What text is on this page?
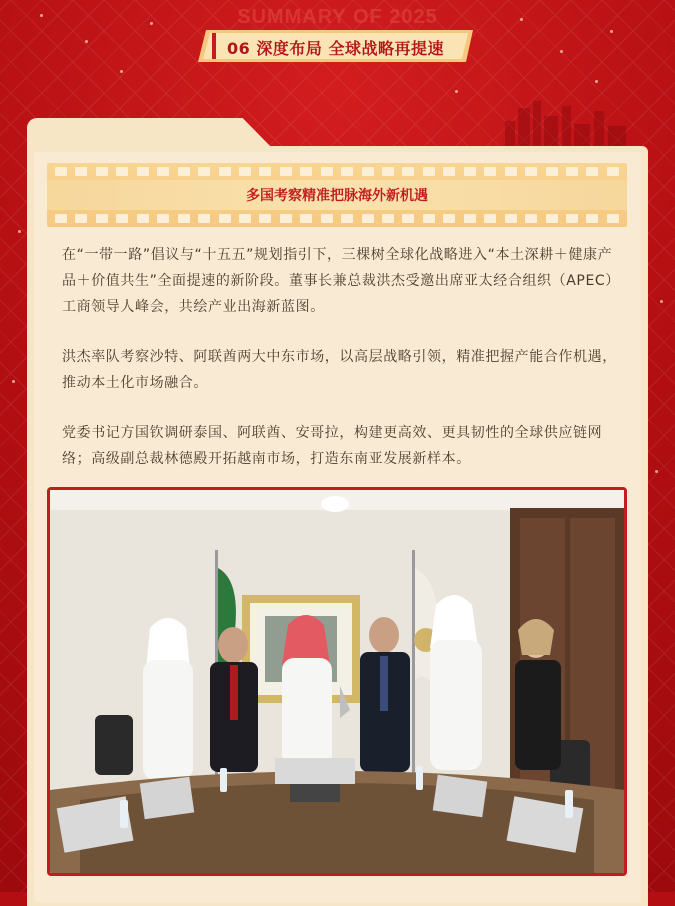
SUMMARY OF 2025
06 深度布局 全球战略再提速
多国考察精准把脉海外新机遇
在“一带一路”倡议与“十五五”规划指引下，三棵树全球化战略进入“本土深耕＋健康产品＋价值共生”全面提速的新阶段。董事长兼总裁洪杰受邀出席亚太经合组织（APEC）工商领导人峰会，共绘产业出海新蓝图。
洪杰率队考察沙特、阿联酋两大中东市场，以高层战略引领，精准把握产能合作机遇，推动本土化市场融合。
党委书记方国钦调研泰国、阿联酋、安哥拉，构建更高效、更具韧性的全球供应链网络；高级副总裁林德殿开拓越南市场，打造东南亚发展新样本。
